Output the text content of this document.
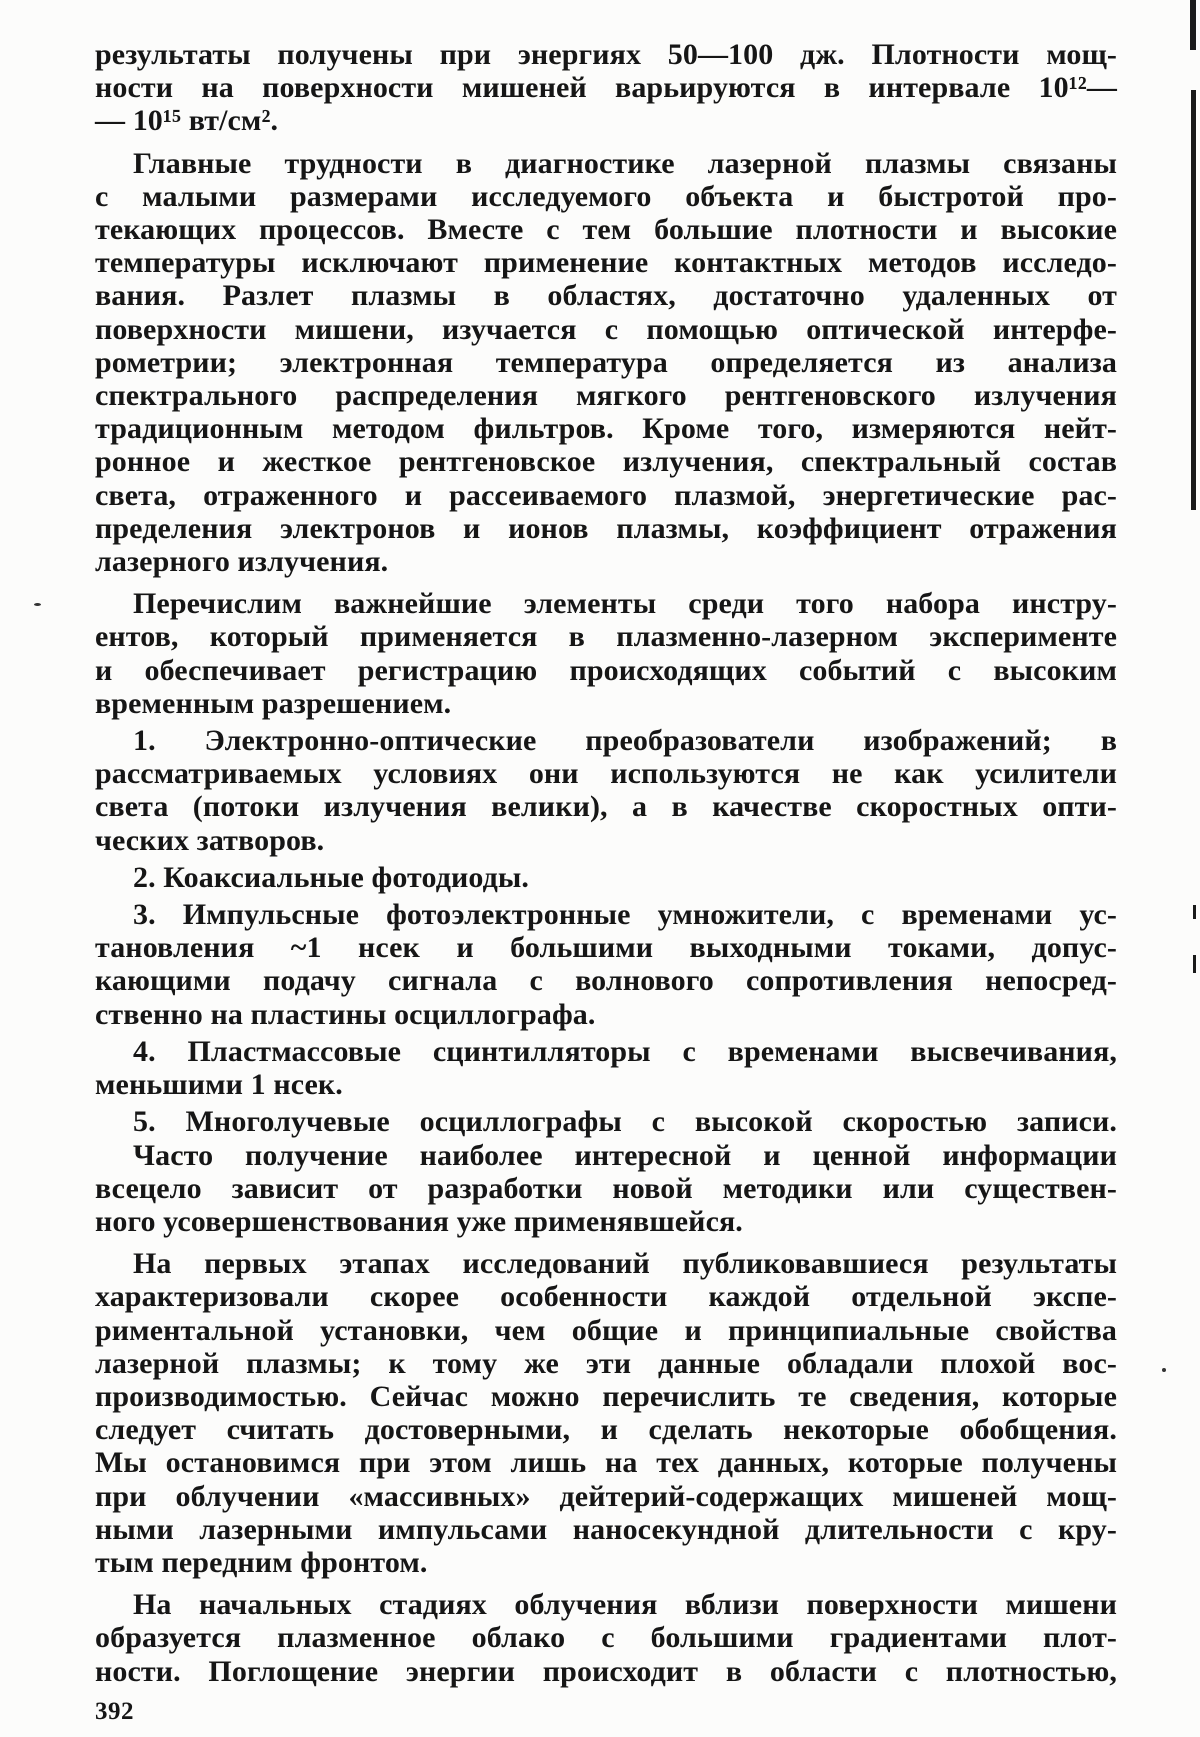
результаты получены при энергиях 50—100 дж. Плотности мощ-
ности на поверхности мишеней варьируются в интервале 10¹²—
— 10¹⁵ вт/см².

Главные трудности в диагностике лазерной плазмы связаны
с малыми размерами исследуемого объекта и быстротой про-
текающих процессов. Вместе с тем большие плотности и высокие
температуры исключают применение контактных методов исследо-
вания. Разлет плазмы в областях, достаточно удаленных от
поверхности мишени, изучается с помощью оптической интерфе-
рометрии; электронная температура определяется из анализа
спектрального распределения мягкого рентгеновского излучения
традиционным методом фильтров. Кроме того, измеряются нейт-
ронное и жесткое рентгеновское излучения, спектральный состав
света, отраженного и рассеиваемого плазмой, энергетические рас-
пределения электронов и ионов плазмы, коэффициент отражения
лазерного излучения.

Перечислим важнейшие элементы среди того набора инстру-
ентов, который применяется в плазменно-лазерном эксперименте
и обеспечивает регистрацию происходящих событий с высоким
временным разрешением.

1. Электронно-оптические преобразователи изображений; в
рассматриваемых условиях они используются не как усилители
света (потоки излучения велики), а в качестве скоростных опти-
ческих затворов.

2. Коаксиальные фотодиоды.

3. Импульсные фотоэлектронные умножители, с временами ус-
тановления ~1 нсек и большими выходными токами, допус-
кающими подачу сигнала с волнового сопротивления непосред-
ственно на пластины осциллографа.

4. Пластмассовые сцинтилляторы с временами высвечивания,
меньшими 1 нсек.

5. Многолучевые осциллографы с высокой скоростью записи.

Часто получение наиболее интересной и ценной информации
всецело зависит от разработки новой методики или существен-
ного усовершенствования уже применявшейся.

На первых этапах исследований публиковавшиеся результаты
характеризовали скорее особенности каждой отдельной экспе-
риментальной установки, чем общие и принципиальные свойства
лазерной плазмы; к тому же эти данные обладали плохой вос-
производимостью. Сейчас можно перечислить те сведения, которые
следует считать достоверными, и сделать некоторые обобщения.
Мы остановимся при этом лишь на тех данных, которые получены
при облучении «массивных» дейтерий-содержащих мишеней мощ-
ными лазерными импульсами наносекундной длительности с кру-
тым передним фронтом.

На начальных стадиях облучения вблизи поверхности мишени
образуется плазменное облако с большими градиентами плот-
ности. Поглощение энергии происходит в области с плотностью,

392
